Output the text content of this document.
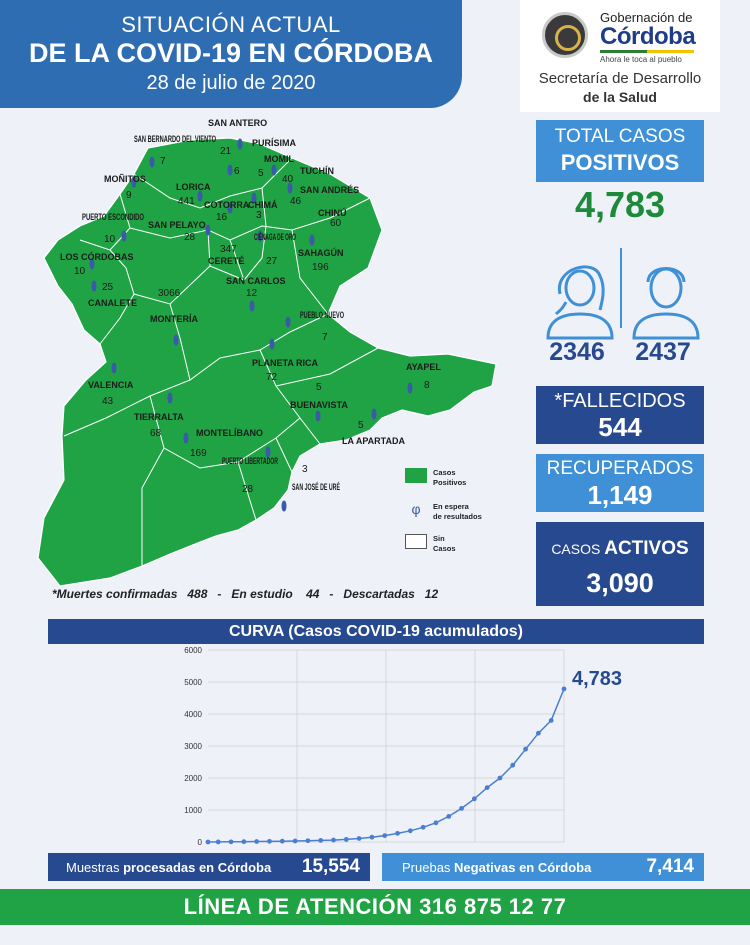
SITUACIÓN ACTUAL
DE LA COVID-19 EN CÓRDOBA
28 de julio de 2020
Gobernación de
Córdoba
Ahora le toca al pueblo
Secretaría de Desarrollo
de la Salud
TOTAL CASOS
POSITIVOS
4,783
2346	2437
*FALLECIDOS
544
RECUPERADOS
1,149
CASOS ACTIVOS
3,090
SAN ANTERO
21
SAN BERNARDO DEL VIENTO
7
PURÍSIMA
6
MOMIL
5	TUCHÍN
40
MOÑITOS
9
LORICA
441
SAN ANDRÉS
46
COTORRA
16
CHIMÁ
3	CHINÚ
60
PUERTO ESCONDIDO
10
SAN PELAYO
28	CIÉNAGA DE ORO
27
CERETÉ
347	SAHAGÚN
196
LOS CÓRDOBAS
10
CANALETE
25
3066
SAN CARLOS
12
MONTERÍA	PUEBLO NUEVO
7
PLANETA RICA
72
AYAPEL
8
VALENCIA
43
5
BUENAVISTA
5
TIERRALTA
68
LA APARTADA
MONTELÍBANO
169
PUERTO LIBERTADOR
28
3
SAN JOSÉ DE URÉ
Casos
Positivos
φ	En espera
de resultados
Sin
Casos
*Muertes confirmadas   488   -   En estudio    44   -   Descartadas   12
CURVA (Casos COVID-19 acumulados)
0
1000
2000
3000
4000
5000
6000
4,783
Muestras procesadas en Córdoba 15,554	Pruebas Negativas en Córdoba	7,414
LÍNEA DE ATENCIÓN 316 875 12 77
